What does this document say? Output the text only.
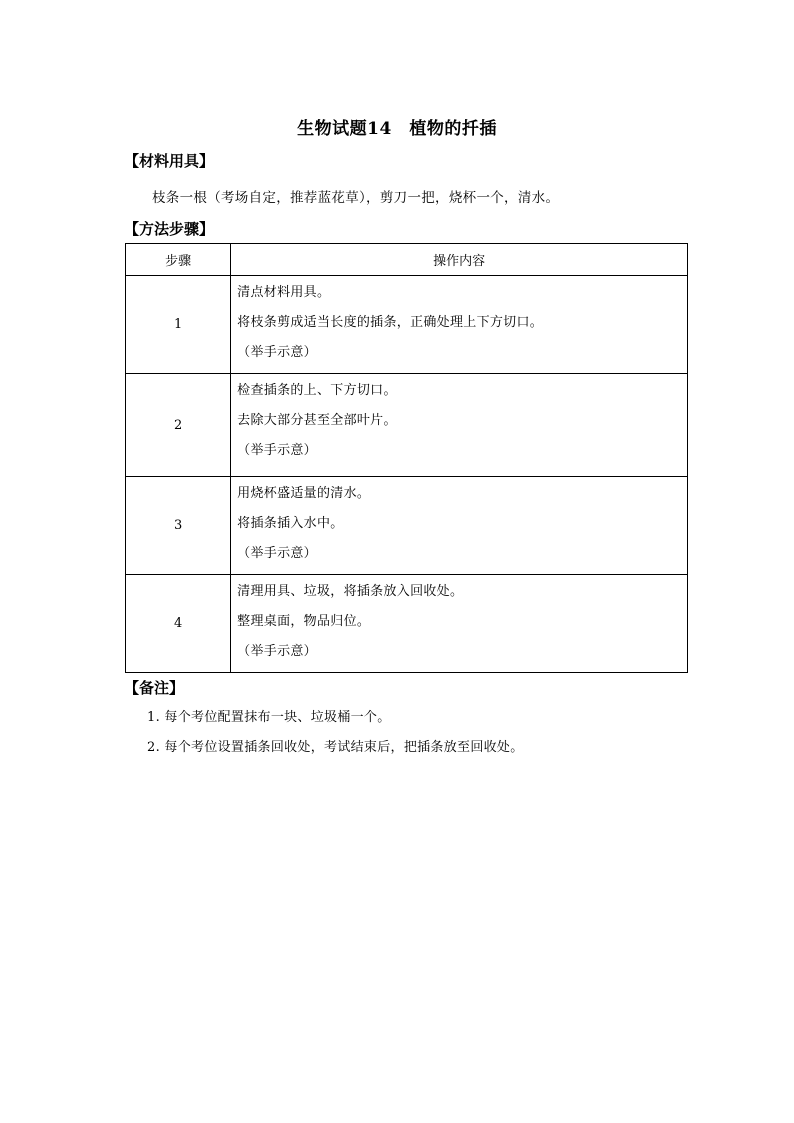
生物试题14　植物的扦插
【材料用具】
枝条一根（考场自定，推荐蓝花草），剪刀一把，烧杯一个，清水。
【方法步骤】
步骤	操作内容
1	清点材料用具。
将枝条剪成适当长度的插条，正确处理上下方切口。
（举手示意）

2	检查插条的上、下方切口。
去除大部分甚至全部叶片。
（举手示意）

3	用烧杯盛适量的清水。
将插条插入水中。
（举手示意）

4	清理用具、垃圾，将插条放入回收处。
整理桌面，物品归位。
（举手示意）
【备注】
1. 每个考位配置抹布一块、垃圾桶一个。
2. 每个考位设置插条回收处，考试结束后，把插条放至回收处。
